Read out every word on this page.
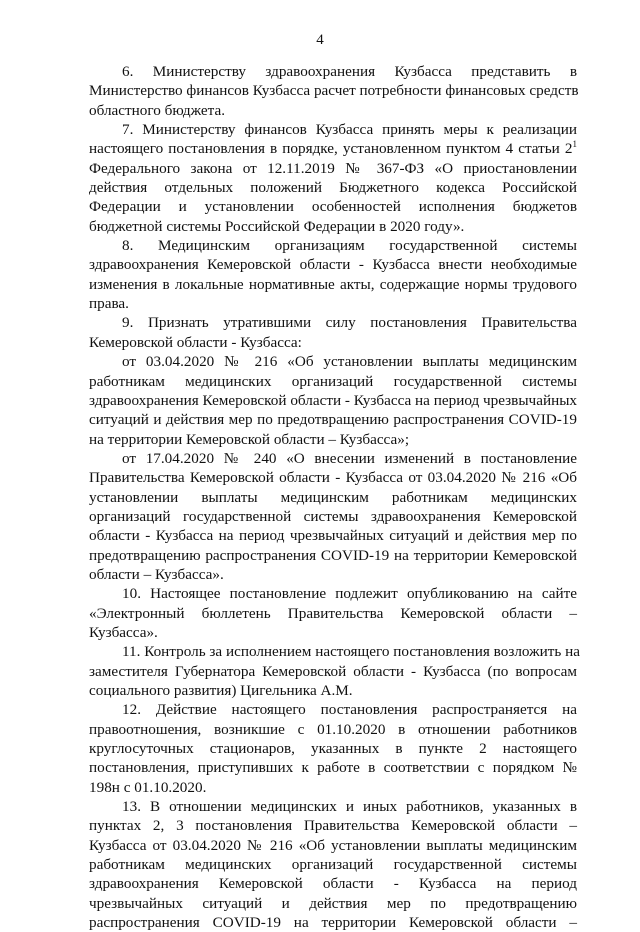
4
6. Министерству здравоохранения Кузбасса представить в
Министерство финансов Кузбасса расчет потребности финансовых средств
областного бюджета.
7. Министерству финансов Кузбасса принять меры к реализации
настоящего постановления в порядке, установленном пунктом 4 статьи $2^1$
Федерального закона от 12.11.2019 № 367-ФЗ «О приостановлении
действия отдельных положений Бюджетного кодекса Российской
Федерации и установлении особенностей исполнения бюджетов
бюджетной системы Российской Федерации в 2020 году».
8. Медицинским организациям государственной системы
здравоохранения Кемеровской области - Кузбасса внести необходимые
изменения в локальные нормативные акты, содержащие нормы трудового
права.
9. Признать утратившими силу постановления Правительства
Кемеровской области - Кузбасса:
от 03.04.2020 № 216 «Об установлении выплаты медицинским
работникам медицинских организаций государственной системы
здравоохранения Кемеровской области - Кузбасса на период чрезвычайных
ситуаций и действия мер по предотвращению распространения COVID-19
на территории Кемеровской области – Кузбасса»;
от 17.04.2020 № 240 «О внесении изменений в постановление
Правительства Кемеровской области - Кузбасса от 03.04.2020 № 216 «Об
установлении выплаты медицинским работникам медицинских
организаций государственной системы здравоохранения Кемеровской
области - Кузбасса на период чрезвычайных ситуаций и действия мер по
предотвращению распространения COVID-19 на территории Кемеровской
области – Кузбасса».
10. Настоящее постановление подлежит опубликованию на сайте
«Электронный бюллетень Правительства Кемеровской области –
Кузбасса».
11. Контроль за исполнением настоящего постановления возложить на
заместителя Губернатора Кемеровской области - Кузбасса (по вопросам
социального развития) Цигельника А.М.
12. Действие настоящего постановления распространяется на
правоотношения, возникшие с 01.10.2020 в отношении работников
круглосуточных стационаров, указанных в пункте 2 настоящего
постановления, приступивших к работе в соответствии с порядком №
198н с 01.10.2020.
13. В отношении медицинских и иных работников, указанных в
пунктах 2, 3 постановления Правительства Кемеровской области –
Кузбасса от 03.04.2020 № 216 «Об установлении выплаты медицинским
работникам медицинских организаций государственной системы
здравоохранения Кемеровской области - Кузбасса на период
чрезвычайных ситуаций и действия мер по предотвращению
распространения COVID-19 на территории Кемеровской области –
